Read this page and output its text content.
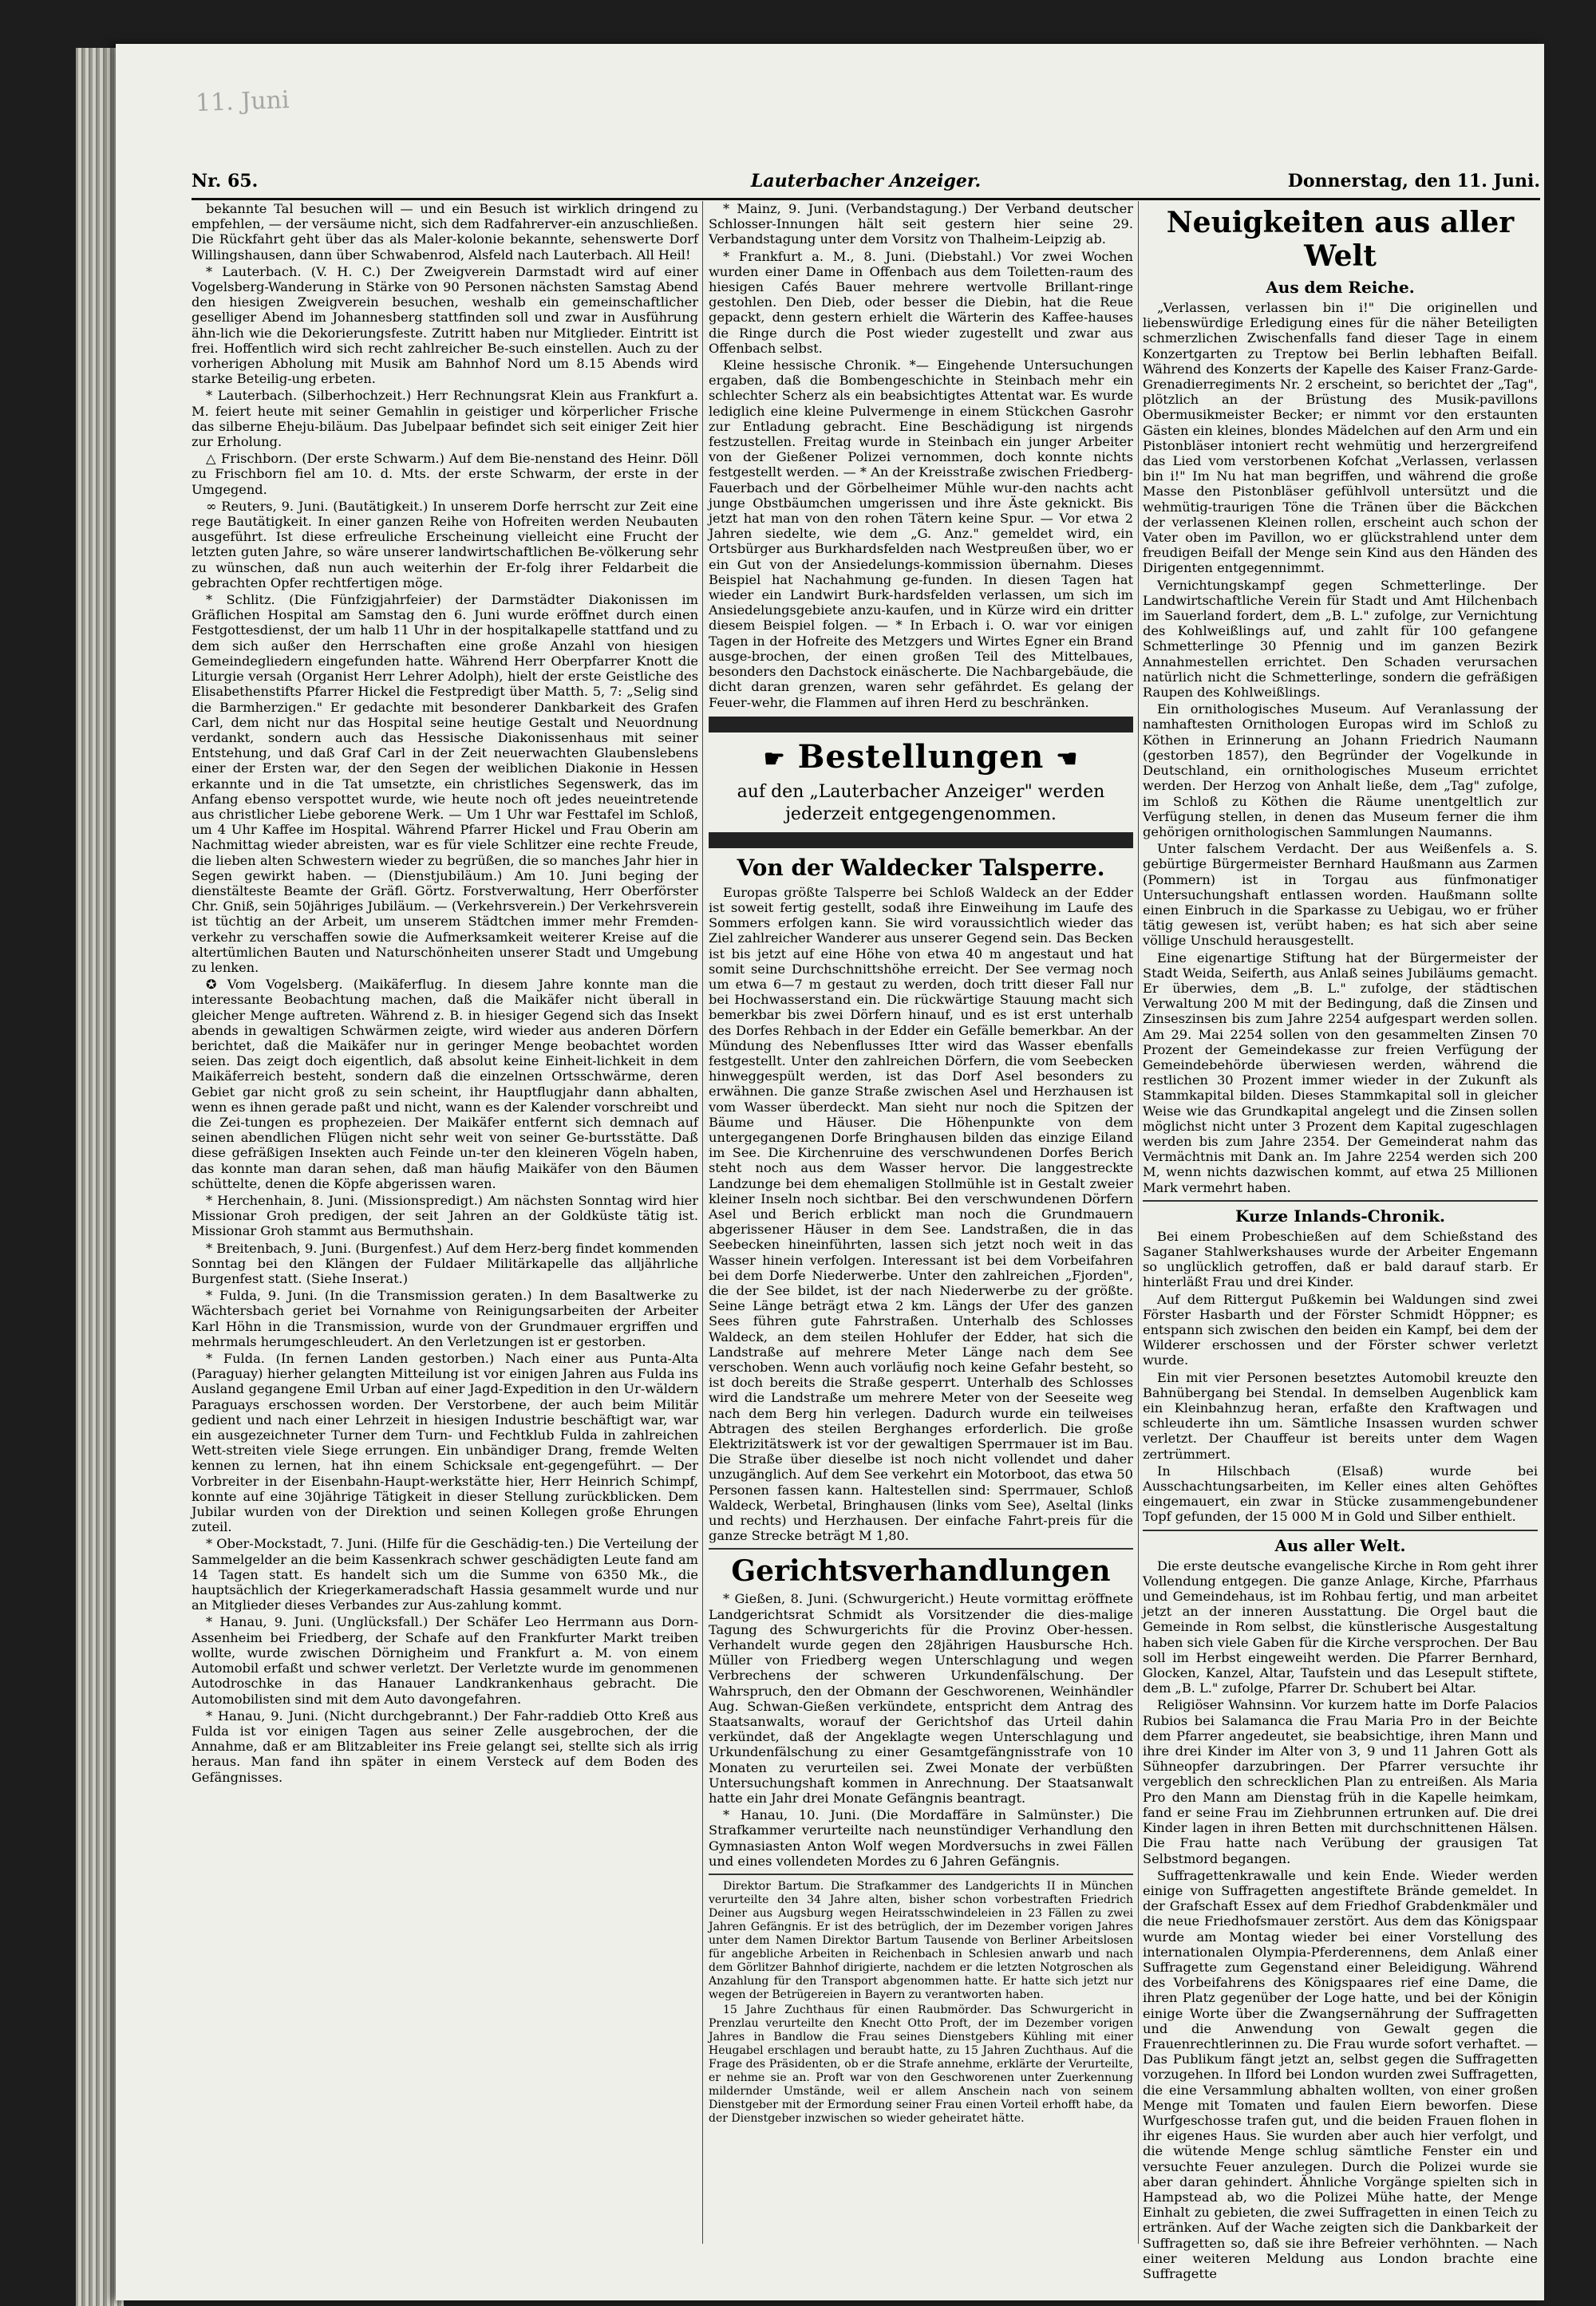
11. Juni
Nr. 65.	Lauterbacher Anzeiger.	Donnerstag, den 11. Juni.

bekannte Tal besuchen will — und ein Besuch ist wirklich dringend zu empfehlen, — der versäume nicht, sich dem Radfahrerver-ein anzuschließen. Die Rückfahrt geht über das als Maler-kolonie bekannte, sehenswerte Dorf Willingshausen, dann über Schwabenrod, Alsfeld nach Lauterbach. All Heil!

* Lauterbach. (V. H. C.) Der Zweigverein Darmstadt wird auf einer Vogelsberg-Wanderung in Stärke von 90 Personen nächsten Samstag Abend den hiesigen Zweigverein besuchen, weshalb ein gemeinschaftlicher geselliger Abend im Johannesberg stattfinden soll und zwar in Ausführung ähn-lich wie die Dekorierungsfeste. Zutritt haben nur Mitglieder. Eintritt ist frei. Hoffentlich wird sich recht zahlreicher Be-such einstellen. Auch zu der vorherigen Abholung mit Musik am Bahnhof Nord um 8.15 Abends wird starke Beteilig-ung erbeten.

* Lauterbach. (Silberhochzeit.) Herr Rechnungsrat Klein aus Frankfurt a. M. feiert heute mit seiner Gemahlin in geistiger und körperlicher Frische das silberne Eheju-biläum. Das Jubelpaar befindet sich seit einiger Zeit hier zur Erholung.

△ Frischborn. (Der erste Schwarm.) Auf dem Bie-nenstand des Heinr. Döll zu Frischborn fiel am 10. d. Mts. der erste Schwarm, der erste in der Umgegend.

∞ Reuters, 9. Juni. (Bautätigkeit.) In unserem Dorfe herrscht zur Zeit eine rege Bautätigkeit. In einer ganzen Reihe von Hofreiten werden Neubauten ausgeführt. Ist diese erfreuliche Erscheinung vielleicht eine Frucht der letzten guten Jahre, so wäre unserer landwirtschaftlichen Be-völkerung sehr zu wünschen, daß nun auch weiterhin der Er-folg ihrer Feldarbeit die gebrachten Opfer rechtfertigen möge.

* Schlitz. (Die Fünfzigjahrfeier) der Darmstädter Diakonissen im Gräflichen Hospital am Samstag den 6. Juni wurde eröffnet durch einen Festgottesdienst, der um halb 11 Uhr in der hospitalkapelle stattfand und zu dem sich außer den Herrschaften eine große Anzahl von hiesigen Gemeindegliedern eingefunden hatte. Während Herr Oberpfarrer Knott die Liturgie versah (Organist Herr Lehrer Adolph), hielt der erste Geistliche des Elisabethenstifts Pfarrer Hickel die Festpredigt über Matth. 5, 7: „Selig sind die Barmherzigen." Er gedachte mit besonderer Dankbarkeit des Grafen Carl, dem nicht nur das Hospital seine heutige Gestalt und Neuordnung verdankt, sondern auch das Hessische Diakonissenhaus mit seiner Entstehung, und daß Graf Carl in der Zeit neuerwachten Glaubenslebens einer der Ersten war, der den Segen der weiblichen Diakonie in Hessen erkannte und in die Tat umsetzte, ein christliches Segenswerk, das im Anfang ebenso verspottet wurde, wie heute noch oft jedes neueintretende aus christlicher Liebe geborene Werk. — Um 1 Uhr war Festtafel im Schloß, um 4 Uhr Kaffee im Hospital. Während Pfarrer Hickel und Frau Oberin am Nachmittag wieder abreisten, war es für viele Schlitzer eine rechte Freude, die lieben alten Schwestern wieder zu begrüßen, die so manches Jahr hier in Segen gewirkt haben. — (Dienstjubiläum.) Am 10. Juni beging der dienstälteste Beamte der Gräfl. Görtz. Forstverwaltung, Herr Oberförster Chr. Gniß, sein 50jähriges Jubiläum. — (Verkehrsverein.) Der Verkehrsverein ist tüchtig an der Arbeit, um unserem Städtchen immer mehr Fremden-verkehr zu verschaffen sowie die Aufmerksamkeit weiterer Kreise auf die altertümlichen Bauten und Naturschönheiten unserer Stadt und Umgebung zu lenken.

✪ Vom Vogelsberg. (Maikäferflug. In diesem Jahre konnte man die interessante Beobachtung machen, daß die Maikäfer nicht überall in gleicher Menge auftreten. Während z. B. in hiesiger Gegend sich das Insekt abends in gewaltigen Schwärmen zeigte, wird wieder aus anderen Dörfern berichtet, daß die Maikäfer nur in geringer Menge beobachtet worden seien. Das zeigt doch eigentlich, daß absolut keine Einheit-lichkeit in dem Maikäferreich besteht, sondern daß die einzelnen Ortsschwärme, deren Gebiet gar nicht groß zu sein scheint, ihr Hauptflugjahr dann abhalten, wenn es ihnen gerade paßt und nicht, wann es der Kalender vorschreibt und die Zei-tungen es prophezeien. Der Maikäfer entfernt sich demnach auf seinen abendlichen Flügen nicht sehr weit von seiner Ge-burtsstätte. Daß diese gefräßigen Insekten auch Feinde un-ter den kleineren Vögeln haben, das konnte man daran sehen, daß man häufig Maikäfer von den Bäumen schüttelte, denen die Köpfe abgerissen waren.

* Herchenhain, 8. Juni. (Missionspredigt.) Am nächsten Sonntag wird hier Missionar Groh predigen, der seit Jahren an der Goldküste tätig ist. Missionar Groh stammt aus Bermuthshain.

* Breitenbach, 9. Juni. (Burgenfest.) Auf dem Herz-berg findet kommenden Sonntag bei den Klängen der Fuldaer Militärkapelle das alljährliche Burgenfest statt. (Siehe Inserat.)

* Fulda, 9. Juni. (In die Transmission geraten.) In dem Basaltwerke zu Wächtersbach geriet bei Vornahme von Reinigungsarbeiten der Arbeiter Karl Höhn in die Transmission, wurde von der Grundmauer ergriffen und mehrmals herumgeschleudert. An den Verletzungen ist er gestorben.

* Fulda. (In fernen Landen gestorben.) Nach einer aus Punta-Alta (Paraguay) hierher gelangten Mitteilung ist vor einigen Jahren aus Fulda ins Ausland gegangene Emil Urban auf einer Jagd-Expedition in den Ur-wäldern Paraguays erschossen worden. Der Verstorbene, der auch beim Militär gedient und nach einer Lehrzeit in hiesigen Industrie beschäftigt war, war ein ausgezeichneter Turner dem Turn- und Fechtklub Fulda in zahlreichen Wett-streiten viele Siege errungen. Ein unbändiger Drang, fremde Welten kennen zu lernen, hat ihn einem Schicksale ent-gegengeführt. — Der Vorbreiter in der Eisenbahn-Haupt-werkstätte hier, Herr Heinrich Schimpf, konnte auf eine 30jährige Tätigkeit in dieser Stellung zurückblicken. Dem Jubilar wurden von der Direktion und seinen Kollegen große Ehrungen zuteil.

* Ober-Mockstadt, 7. Juni. (Hilfe für die Geschädig-ten.) Die Verteilung der Sammelgelder an die beim Kassenkrach schwer geschädigten Leute fand am 14 Tagen statt. Es handelt sich um die Summe von 6350 Mk., die hauptsächlich der Kriegerkameradschaft Hassia gesammelt wurde und nur an Mitglieder dieses Verbandes zur Aus-zahlung kommt.

* Hanau, 9. Juni. (Unglücksfall.) Der Schäfer Leo Herrmann aus Dorn-Assenheim bei Friedberg, der Schafe auf den Frankfurter Markt treiben wollte, wurde zwischen Dörnigheim und Frankfurt a. M. von einem Automobil erfaßt und schwer verletzt. Der Verletzte wurde im genommenen Autodroschke in das Hanauer Landkrankenhaus gebracht. Die Automobilisten sind mit dem Auto davongefahren.

* Hanau, 9. Juni. (Nicht durchgebrannt.) Der Fahr-raddieb Otto Kreß aus Fulda ist vor einigen Tagen aus seiner Zelle ausgebrochen, der die Annahme, daß er am Blitzableiter ins Freie gelangt sei, stellte sich als irrig heraus. Man fand ihn später in einem Versteck auf dem Boden des Gefängnisses.

* Mainz, 9. Juni. (Verbandstagung.) Der Verband deutscher Schlosser-Innungen hält seit gestern hier seine 29. Verbandstagung unter dem Vorsitz von Thalheim-Leipzig ab.

* Frankfurt a. M., 8. Juni. (Diebstahl.) Vor zwei Wochen wurden einer Dame in Offenbach aus dem Toiletten-raum des hiesigen Cafés Bauer mehrere wertvolle Brillant-ringe gestohlen. Den Dieb, oder besser die Diebin, hat die Reue gepackt, denn gestern erhielt die Wärterin des Kaffee-hauses die Ringe durch die Post wieder zugestellt und zwar aus Offenbach selbst.

Kleine hessische Chronik. *— Eingehende Untersuchungen ergaben, daß die Bombengeschichte in Steinbach mehr ein schlechter Scherz als ein beabsichtigtes Attentat war. Es wurde lediglich eine kleine Pulvermenge in einem Stückchen Gasrohr zur Entladung gebracht. Eine Beschädigung ist nirgends festzustellen. Freitag wurde in Steinbach ein junger Arbeiter von der Gießener Polizei vernommen, doch konnte nichts festgestellt werden. — * An der Kreisstraße zwischen Friedberg-Fauerbach und der Görbelheimer Mühle wur-den nachts acht junge Obstbäumchen umgerissen und ihre Äste geknickt. Bis jetzt hat man von den rohen Tätern keine Spur. — Vor etwa 2 Jahren siedelte, wie dem „G. Anz." gemeldet wird, ein Ortsbürger aus Burkhardsfelden nach Westpreußen über, wo er ein Gut von der Ansiedelungs-kommission übernahm. Dieses Beispiel hat Nachahmung ge-funden. In diesen Tagen hat wieder ein Landwirt Burk-hardsfelden verlassen, um sich im Ansiedelungsgebiete anzu-kaufen, und in Kürze wird ein dritter diesem Beispiel folgen. — * In Erbach i. O. war vor einigen Tagen in der Hofreite des Metzgers und Wirtes Egner ein Brand ausge-brochen, der einen großen Teil des Mittelbaues, besonders den Dachstock einäscherte. Die Nachbargebäude, die dicht daran grenzen, waren sehr gefährdet. Es gelang der Feuer-wehr, die Flammen auf ihren Herd zu beschränken.

☛ Bestellungen ☚
auf den „Lauterbacher Anzeiger" werden jederzeit entgegengenommen.
Von der Waldecker Talsperre.

Europas größte Talsperre bei Schloß Waldeck an der Edder ist soweit fertig gestellt, sodaß ihre Einweihung im Laufe des Sommers erfolgen kann. Sie wird voraussichtlich wieder das Ziel zahlreicher Wanderer aus unserer Gegend sein. Das Becken ist bis jetzt auf eine Höhe von etwa 40 m angestaut und hat somit seine Durchschnittshöhe erreicht. Der See vermag noch um etwa 6—7 m gestaut zu werden, doch tritt dieser Fall nur bei Hochwasserstand ein. Die rückwärtige Stauung macht sich bemerkbar bis zwei Dörfern hinauf, und es ist erst unterhalb des Dorfes Rehbach in der Edder ein Gefälle bemerkbar. An der Mündung des Nebenflusses Itter wird das Wasser ebenfalls festgestellt. Unter den zahlreichen Dörfern, die vom Seebecken hinweggespült werden, ist das Dorf Asel besonders zu erwähnen. Die ganze Straße zwischen Asel und Herzhausen ist vom Wasser überdeckt. Man sieht nur noch die Spitzen der Bäume und Häuser. Die Höhenpunkte von dem untergegangenen Dorfe Bringhausen bilden das einzige Eiland im See. Die Kirchenruine des verschwundenen Dorfes Berich steht noch aus dem Wasser hervor. Die langgestreckte Landzunge bei dem ehemaligen Stollmühle ist in Gestalt zweier kleiner Inseln noch sichtbar. Bei den verschwundenen Dörfern Asel und Berich erblickt man noch die Grundmauern abgerissener Häuser in dem See. Landstraßen, die in das Seebecken hineinführten, lassen sich jetzt noch weit in das Wasser hinein verfolgen. Interessant ist bei dem Vorbeifahren bei dem Dorfe Niederwerbe. Unter den zahlreichen „Fjorden", die der See bildet, ist der nach Niederwerbe zu der größte. Seine Länge beträgt etwa 2 km. Längs der Ufer des ganzen Sees führen gute Fahrstraßen. Unterhalb des Schlosses Waldeck, an dem steilen Hohlufer der Edder, hat sich die Landstraße auf mehrere Meter Länge nach dem See verschoben. Wenn auch vorläufig noch keine Gefahr besteht, so ist doch bereits die Straße gesperrt. Unterhalb des Schlosses wird die Landstraße um mehrere Meter von der Seeseite weg nach dem Berg hin verlegen. Dadurch wurde ein teilweises Abtragen des steilen Berghanges erforderlich. Die große Elektrizitätswerk ist vor der gewaltigen Sperrmauer ist im Bau. Die Straße über dieselbe ist noch nicht vollendet und daher unzugänglich. Auf dem See verkehrt ein Motorboot, das etwa 50 Personen fassen kann. Haltestellen sind: Sperrmauer, Schloß Waldeck, Werbetal, Bringhausen (links vom See), Aseltal (links und rechts) und Herzhausen. Der einfache Fahrt-preis für die ganze Strecke beträgt M 1,80.

Gerichtsverhandlungen

* Gießen, 8. Juni. (Schwurgericht.) Heute vormittag eröffnete Landgerichtsrat Schmidt als Vorsitzender die dies-malige Tagung des Schwurgerichts für die Provinz Ober-hessen. Verhandelt wurde gegen den 28jährigen Hausbursche Hch. Müller von Friedberg wegen Unterschlagung und wegen Verbrechens der schweren Urkundenfälschung. Der Wahrspruch, den der Obmann der Geschworenen, Weinhändler Aug. Schwan-Gießen verkündete, entspricht dem Antrag des Staatsanwalts, worauf der Gerichtshof das Urteil dahin verkündet, daß der Angeklagte wegen Unterschlagung und Urkundenfälschung zu einer Gesamtgefängnisstrafe von 10 Monaten zu verurteilen sei. Zwei Monate der verbüßten Untersuchungshaft kommen in Anrechnung. Der Staatsanwalt hatte ein Jahr drei Monate Gefängnis beantragt.

* Hanau, 10. Juni. (Die Mordaffäre in Salmünster.) Die Strafkammer verurteilte nach neunstündiger Verhandlung den Gymnasiasten Anton Wolf wegen Mordversuchs in zwei Fällen und eines vollendeten Mordes zu 6 Jahren Gefängnis.

Direktor Bartum. Die Strafkammer des Landgerichts II in München verurteilte den 34 Jahre alten, bisher schon vorbestraften Friedrich Deiner aus Augsburg wegen Heiratsschwindeleien in 23 Fällen zu zwei Jahren Gefängnis. Er ist des betrüglich, der im Dezember vorigen Jahres unter dem Namen Direktor Bartum Tausende von Berliner Arbeitslosen für angebliche Arbeiten in Reichenbach in Schlesien anwarb und nach dem Görlitzer Bahnhof dirigierte, nachdem er die letzten Notgroschen als Anzahlung für den Transport abgenommen hatte. Er hatte sich jetzt nur wegen der Betrügereien in Bayern zu verantworten haben.

15 Jahre Zuchthaus für einen Raubmörder. Das Schwurgericht in Prenzlau verurteilte den Knecht Otto Proft, der im Dezember vorigen Jahres in Bandlow die Frau seines Dienstgebers Kühling mit einer Heugabel erschlagen und beraubt hatte, zu 15 Jahren Zuchthaus. Auf die Frage des Präsidenten, ob er die Strafe annehme, erklärte der Verurteilte, er nehme sie an. Proft war von den Geschworenen unter Zuerkennung mildernder Umstände, weil er allem Anschein nach von seinem Dienstgeber mit der Ermordung seiner Frau einen Vorteil erhofft habe, da der Dienstgeber inzwischen so wieder geheiratet hätte.

Neuigkeiten aus aller Welt
Aus dem Reiche.

„Verlassen, verlassen bin i!" Die originellen und liebenswürdige Erledigung eines für die näher Beteiligten schmerzlichen Zwischenfalls fand dieser Tage in einem Konzertgarten zu Treptow bei Berlin lebhaften Beifall. Während des Konzerts der Kapelle des Kaiser Franz-Garde-Grenadierregiments Nr. 2 erscheint, so berichtet der „Tag", plötzlich an der Brüstung des Musik-pavillons Obermusikmeister Becker; er nimmt vor den erstaunten Gästen ein kleines, blondes Mädelchen auf den Arm und ein Pistonbläser intoniert recht wehmütig und herzergreifend das Lied vom verstorbenen Kofchat „Verlassen, verlassen bin i!" Im Nu hat man begriffen, und während die große Masse den Pistonbläser gefühlvoll untersützt und die wehmütig-traurigen Töne die Tränen über die Bäckchen der verlassenen Kleinen rollen, erscheint auch schon der Vater oben im Pavillon, wo er glückstrahlend unter dem freudigen Beifall der Menge sein Kind aus den Händen des Dirigenten entgegennimmt.

Vernichtungskampf gegen Schmetterlinge. Der Landwirtschaftliche Verein für Stadt und Amt Hilchenbach im Sauerland fordert, dem „B. L." zufolge, zur Vernichtung des Kohlweißlings auf, und zahlt für 100 gefangene Schmetterlinge 30 Pfennig und im ganzen Bezirk Annahmestellen errichtet. Den Schaden verursachen natürlich nicht die Schmetterlinge, sondern die gefräßigen Raupen des Kohlweißlings.

Ein ornithologisches Museum. Auf Veranlassung der namhaftesten Ornithologen Europas wird im Schloß zu Köthen in Erinnerung an Johann Friedrich Naumann (gestorben 1857), den Begründer der Vogelkunde in Deutschland, ein ornithologisches Museum errichtet werden. Der Herzog von Anhalt ließe, dem „Tag" zufolge, im Schloß zu Köthen die Räume unentgeltlich zur Verfügung stellen, in denen das Museum ferner die ihm gehörigen ornithologischen Sammlungen Naumanns.

Unter falschem Verdacht. Der aus Weißenfels a. S. gebürtige Bürgermeister Bernhard Haußmann aus Zarmen (Pommern) ist in Torgau aus fünfmonatiger Untersuchungshaft entlassen worden. Haußmann sollte einen Einbruch in die Sparkasse zu Uebigau, wo er früher tätig gewesen ist, verübt haben; es hat sich aber seine völlige Unschuld herausgestellt.

Eine eigenartige Stiftung hat der Bürgermeister der Stadt Weida, Seiferth, aus Anlaß seines Jubiläums gemacht. Er überwies, dem „B. L." zufolge, der städtischen Verwaltung 200 M mit der Bedingung, daß die Zinsen und Zinseszinsen bis zum Jahre 2254 aufgespart werden sollen. Am 29. Mai 2254 sollen von den gesammelten Zinsen 70 Prozent der Gemeindekasse zur freien Verfügung der Gemeindebehörde überwiesen werden, während die restlichen 30 Prozent immer wieder in der Zukunft als Stammkapital bilden. Dieses Stammkapital soll in gleicher Weise wie das Grundkapital angelegt und die Zinsen sollen möglichst nicht unter 3 Prozent dem Kapital zugeschlagen werden bis zum Jahre 2354. Der Gemeinderat nahm das Vermächtnis mit Dank an. Im Jahre 2254 werden sich 200 M, wenn nichts dazwischen kommt, auf etwa 25 Millionen Mark vermehrt haben.

Kurze Inlands-Chronik.

Bei einem Probeschießen auf dem Schießstand des Saganer Stahlwerkshauses wurde der Arbeiter Engemann so unglücklich getroffen, daß er bald darauf starb. Er hinterläßt Frau und drei Kinder.

Auf dem Rittergut Pußkemin bei Waldungen sind zwei Förster Hasbarth und der Förster Schmidt Höppner; es entspann sich zwischen den beiden ein Kampf, bei dem der Wilderer erschossen und der Förster schwer verletzt wurde.

Ein mit vier Personen besetztes Automobil kreuzte den Bahnübergang bei Stendal. In demselben Augenblick kam ein Kleinbahnzug heran, erfaßte den Kraftwagen und schleuderte ihn um. Sämtliche Insassen wurden schwer verletzt. Der Chauffeur ist bereits unter dem Wagen zertrümmert.

In Hilschbach (Elsaß) wurde bei Ausschachtungsarbeiten, im Keller eines alten Gehöftes eingemauert, ein zwar in Stücke zusammengebundener Topf gefunden, der 15 000 M in Gold und Silber enthielt.

Aus aller Welt.

Die erste deutsche evangelische Kirche in Rom geht ihrer Vollendung entgegen. Die ganze Anlage, Kirche, Pfarrhaus und Gemeindehaus, ist im Rohbau fertig, und man arbeitet jetzt an der inneren Ausstattung. Die Orgel baut die Gemeinde in Rom selbst, die künstlerische Ausgestaltung haben sich viele Gaben für die Kirche versprochen. Der Bau soll im Herbst eingeweiht werden. Die Pfarrer Bernhard, Glocken, Kanzel, Altar, Taufstein und das Lesepult stiftete, dem „B. L." zufolge, Pfarrer Dr. Schubert bei Altar.

Religiöser Wahnsinn. Vor kurzem hatte im Dorfe Palacios Rubios bei Salamanca die Frau Maria Pro in der Beichte dem Pfarrer angedeutet, sie beabsichtige, ihren Mann und ihre drei Kinder im Alter von 3, 9 und 11 Jahren Gott als Sühneopfer darzubringen. Der Pfarrer versuchte ihr vergeblich den schrecklichen Plan zu entreißen. Als Maria Pro den Mann am Dienstag früh in die Kapelle heimkam, fand er seine Frau im Ziehbrunnen ertrunken auf. Die drei Kinder lagen in ihren Betten mit durchschnittenen Hälsen. Die Frau hatte nach Verübung der grausigen Tat Selbstmord begangen.

Suffragettenkrawalle und kein Ende. Wieder werden einige von Suffragetten angestiftete Brände gemeldet. In der Grafschaft Essex auf dem Friedhof Grabdenkmäler und die neue Friedhofsmauer zerstört. Aus dem das Königspaar wurde am Montag wieder bei einer Vorstellung des internationalen Olympia-Pferderennens, dem Anlaß einer Suffragette zum Gegenstand einer Beleidigung. Während des Vorbeifahrens des Königspaares rief eine Dame, die ihren Platz gegenüber der Loge hatte, und bei der Königin einige Worte über die Zwangsernährung der Suffragetten und die Anwendung von Gewalt gegen die Frauenrechtlerinnen zu. Die Frau wurde sofort verhaftet. — Das Publikum fängt jetzt an, selbst gegen die Suffragetten vorzugehen. In Ilford bei London wurden zwei Suffragetten, die eine Versammlung abhalten wollten, von einer großen Menge mit Tomaten und faulen Eiern beworfen. Diese Wurfgeschosse trafen gut, und die beiden Frauen flohen in ihr eigenes Haus. Sie wurden aber auch hier verfolgt, und die wütende Menge schlug sämtliche Fenster ein und versuchte Feuer anzulegen. Durch die Polizei wurde sie aber daran gehindert. Ähnliche Vorgänge spielten sich in Hampstead ab, wo die Polizei Mühe hatte, der Menge Einhalt zu gebieten, die zwei Suffragetten in einen Teich zu ertränken. Auf der Wache zeigten sich die Dankbarkeit der Suffragetten so, daß sie ihre Befreier verhöhnten. — Nach einer weiteren Meldung aus London brachte eine Suffragette
